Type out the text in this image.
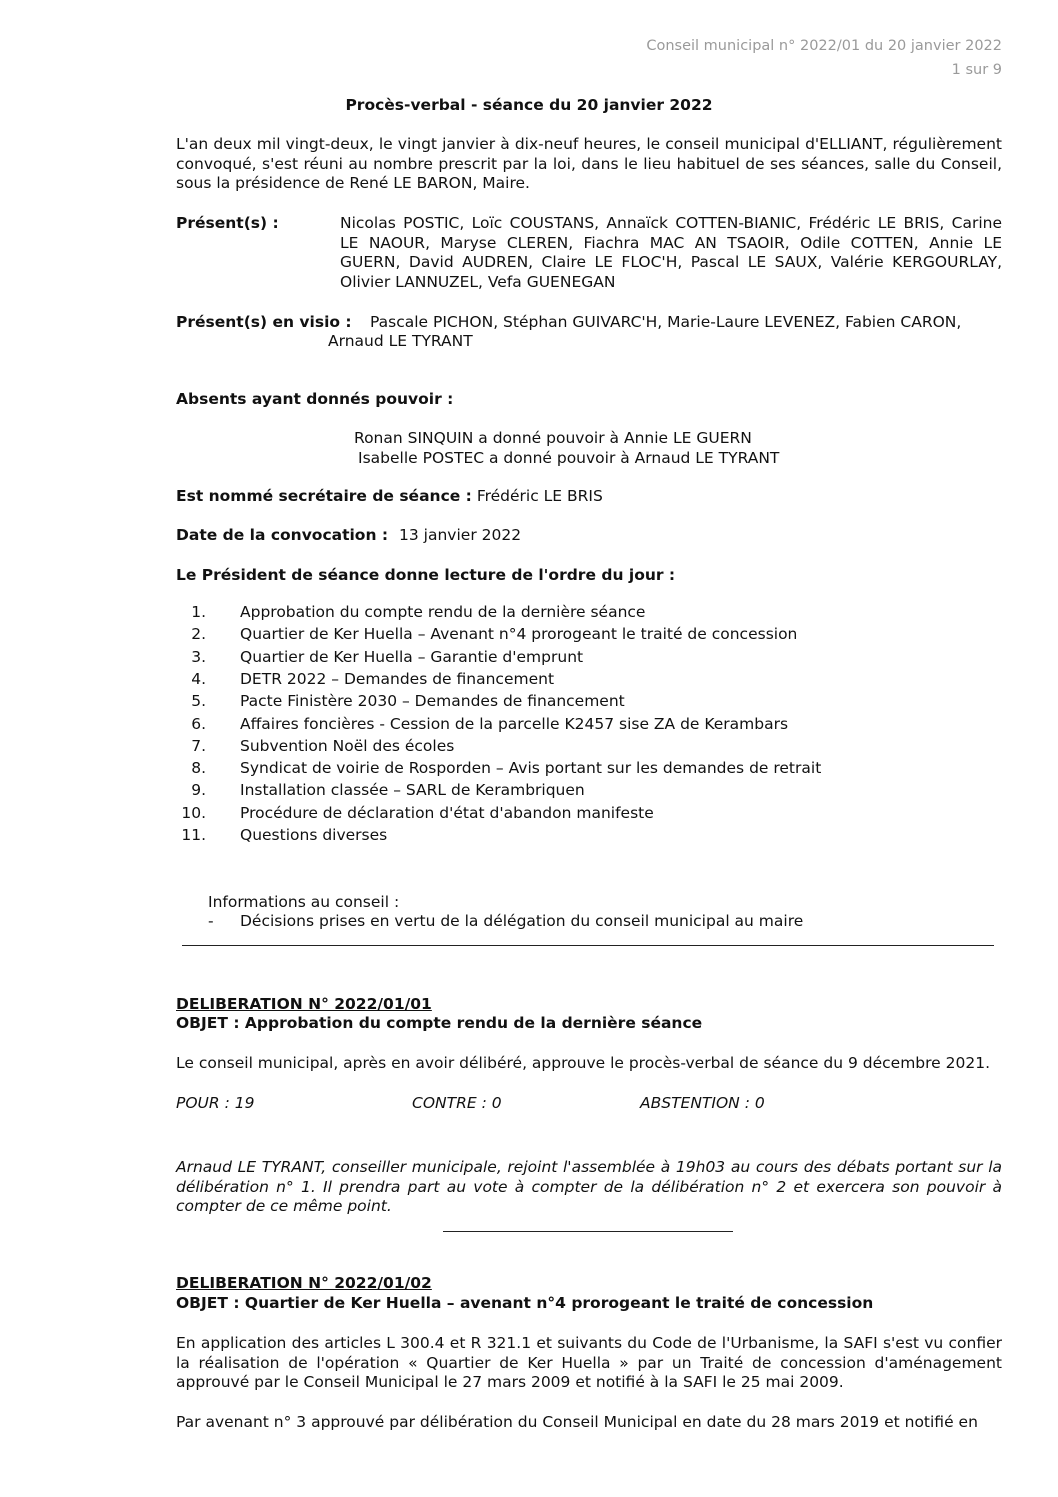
Conseil municipal n° 2022/01 du 20 janvier 2022
1 sur 9
Procès-verbal - séance du 20 janvier 2022
L'an deux mil vingt-deux, le vingt janvier à dix-neuf heures, le conseil municipal d'ELLIANT, régulièrement convoqué, s'est réuni au nombre prescrit par la loi, dans le lieu habituel de ses séances, salle du Conseil, sous la présidence de René LE BARON, Maire.
Présent(s) :	Nicolas POSTIC, Loïc COUSTANS, Annaïck COTTEN-BIANIC, Frédéric LE BRIS, Carine LE NAOUR, Maryse CLEREN, Fiachra MAC AN TSAOIR, Odile COTTEN, Annie LE GUERN, David AUDREN, Claire LE FLOC'H, Pascal LE SAUX, Valérie KERGOURLAY, Olivier LANNUZEL, Vefa GUENEGAN
Présent(s) en visio : Pascale PICHON, Stéphan GUIVARC'H, Marie-Laure LEVENEZ, Fabien CARON,
Arnaud LE TYRANT
Absents ayant donnés pouvoir :
Ronan SINQUIN a donné pouvoir à Annie LE GUERN
Isabelle POSTEC a donné pouvoir à Arnaud LE TYRANT
Est nommé secrétaire de séance : Frédéric LE BRIS
Date de la convocation : 13 janvier 2022
Le Président de séance donne lecture de l'ordre du jour :
1. Approbation du compte rendu de la dernière séance
2. Quartier de Ker Huella – Avenant n°4 prorogeant le traité de concession
3. Quartier de Ker Huella – Garantie d'emprunt
4. DETR 2022 – Demandes de financement
5. Pacte Finistère 2030 – Demandes de financement
6. Affaires foncières - Cession de la parcelle K2457 sise ZA de Kerambars
7. Subvention Noël des écoles
8. Syndicat de voirie de Rosporden – Avis portant sur les demandes de retrait
9. Installation classée – SARL de Kerambriquen
10. Procédure de déclaration d'état d'abandon manifeste
11. Questions diverses
Informations au conseil :
- Décisions prises en vertu de la délégation du conseil municipal au maire
DELIBERATION N° 2022/01/01
OBJET : Approbation du compte rendu de la dernière séance
Le conseil municipal, après en avoir délibéré, approuve le procès-verbal de séance du 9 décembre 2021.
POUR : 19	CONTRE : 0	ABSTENTION : 0
Arnaud LE TYRANT, conseiller municipale, rejoint l'assemblée à 19h03 au cours des débats portant sur la délibération n° 1. Il prendra part au vote à compter de la délibération n° 2 et exercera son pouvoir à compter de ce même point.
DELIBERATION N° 2022/01/02
OBJET : Quartier de Ker Huella – avenant n°4 prorogeant le traité de concession
En application des articles L 300.4 et R 321.1 et suivants du Code de l'Urbanisme, la SAFI s'est vu confier la réalisation de l'opération « Quartier de Ker Huella » par un Traité de concession d'aménagement approuvé par le Conseil Municipal le 27 mars 2009 et notifié à la SAFI le 25 mai 2009.
Par avenant n° 3 approuvé par délibération du Conseil Municipal en date du 28 mars 2019 et notifié en
